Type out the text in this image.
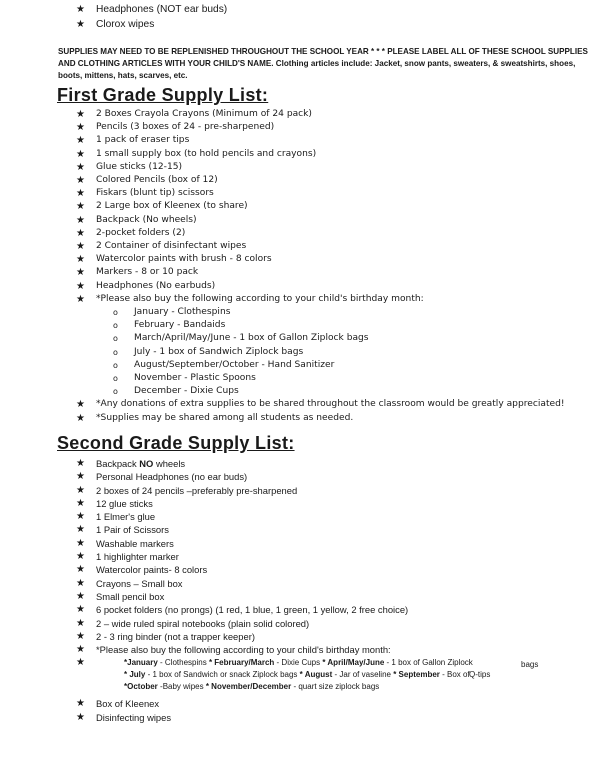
★ Headphones (NOT ear buds)
★ Clorox wipes
SUPPLIES MAY NEED TO BE REPLENISHED THROUGHOUT THE SCHOOL YEAR * * * PLEASE LABEL ALL OF THESE SCHOOL SUPPLIES AND CLOTHING ARTICLES WITH YOUR CHILD'S NAME. Clothing articles include: Jacket, snow pants, sweaters, & sweatshirts, shoes, boots, mittens, hats, scarves, etc.
First Grade Supply List:
★ 2 Boxes Crayola Crayons (Minimum of 24 pack)
★ Pencils (3 boxes of 24 - pre-sharpened)
★ 1 pack of eraser tips
★ 1 small supply box (to hold pencils and crayons)
★ Glue sticks (12-15)
★ Colored Pencils (box of 12)
★ Fiskars (blunt tip) scissors
★ 2 Large box of Kleenex (to share)
★ Backpack (No wheels)
★ 2-pocket folders (2)
★ 2 Container of disinfectant wipes
★ Watercolor paints with brush - 8 colors
★ Markers - 8 or 10 pack
★ Headphones (No earbuds)
★ *Please also buy the following according to your child's birthday month:
o January - Clothespins
o February - Bandaids
o March/April/May/June - 1 box of Gallon Ziplock bags
o July - 1 box of Sandwich Ziplock bags
o August/September/October - Hand Sanitizer
o November - Plastic Spoons
o December - Dixie Cups
★ *Any donations of extra supplies to be shared throughout the classroom would be greatly appreciated!
★ *Supplies may be shared among all students as needed.
Second Grade Supply List:
★ Backpack NO wheels
★ Personal Headphones (no ear buds)
★ 2 boxes of 24 pencils –preferably pre-sharpened
★ 12 glue sticks
★ 1 Elmer's glue
★ 1 Pair of Scissors
★ Washable markers
★ 1 highlighter marker
★ Watercolor paints- 8 colors
★ Crayons – Small box
★ Small pencil box
★ 6 pocket folders (no prongs) (1 red, 1 blue, 1 green, 1 yellow, 2 free choice)
★ 2 – wide ruled spiral notebooks (plain solid colored)
★ 2 - 3 ring binder (not a trapper keeper)
★ *Please also buy the following according to your child's birthday month:
★	*January - Clothespins * February/March - Dixie Cups * April/May/June - 1 box of Gallon Ziplock	bags
* July - 1 box of Sandwich or snack Ziplock bags * August - Jar of vaseline * September - Box of Q-tips
*October -Baby wipes * November/December - quart size ziplock bags
★ Box of Kleenex
★ Disinfecting wipes
